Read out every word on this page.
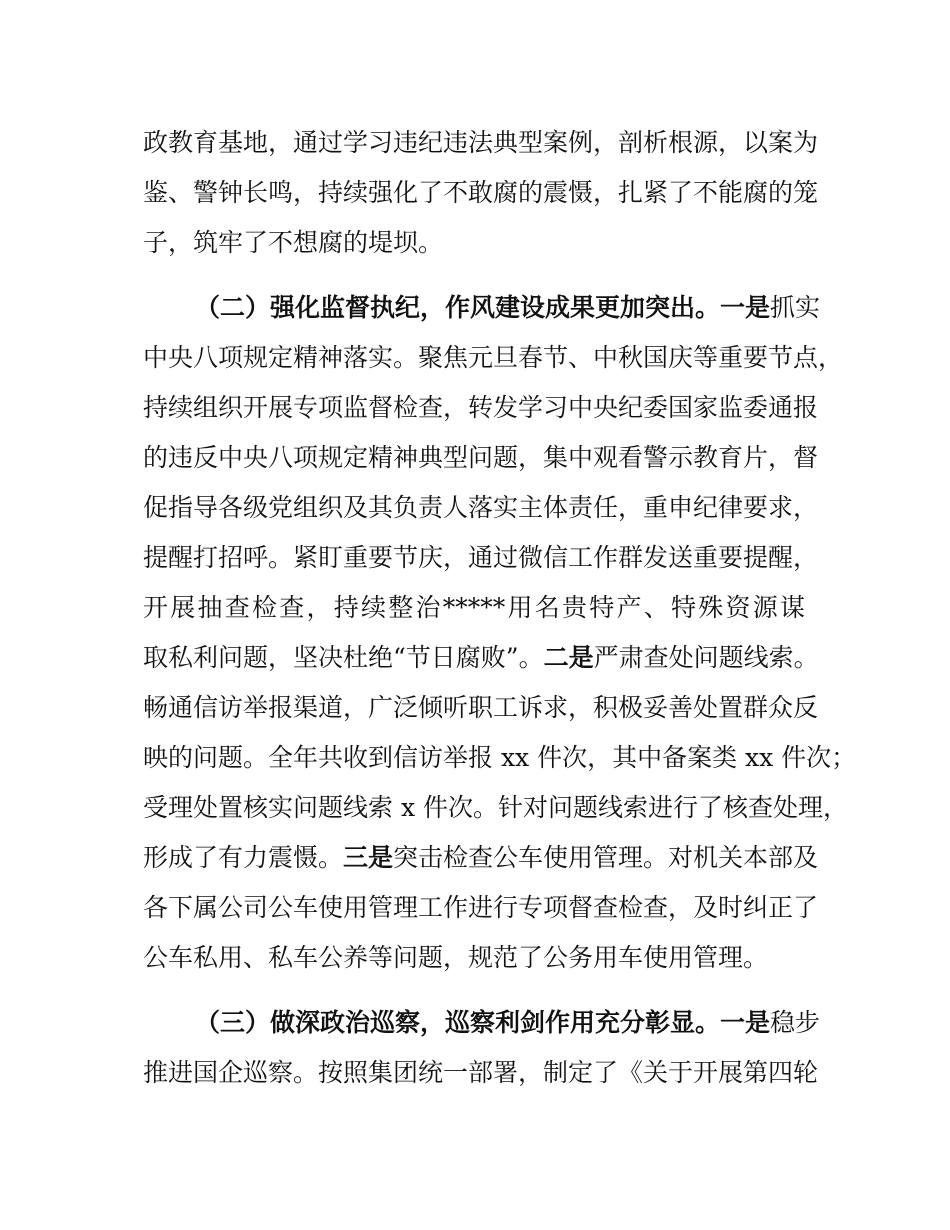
政教育基地，通过学习违纪违法典型案例，剖析根源，以案为
鉴、警钟长鸣，持续强化了不敢腐的震慑，扎紧了不能腐的笼
子，筑牢了不想腐的堤坝。
（二）强化监督执纪，作风建设成果更加突出。一是抓实
中央八项规定精神落实。聚焦元旦春节、中秋国庆等重要节点，
持续组织开展专项监督检查，转发学习中央纪委国家监委通报
的违反中央八项规定精神典型问题，集中观看警示教育片，督
促指导各级党组织及其负责人落实主体责任，重申纪律要求，
提醒打招呼。紧盯重要节庆，通过微信工作群发送重要提醒，
开展抽查检查，持续整治*****用名贵特产、特殊资源谋
取私利问题，坚决杜绝“节日腐败”。二是严肃查处问题线索。
畅通信访举报渠道，广泛倾听职工诉求，积极妥善处置群众反
映的问题。全年共收到信访举报 xx 件次，其中备案类 xx 件次；
受理处置核实问题线索 x 件次。针对问题线索进行了核查处理，
形成了有力震慑。三是突击检查公车使用管理。对机关本部及
各下属公司公车使用管理工作进行专项督查检查，及时纠正了
公车私用、私车公养等问题，规范了公务用车使用管理。
（三）做深政治巡察，巡察利剑作用充分彰显。一是稳步
推进国企巡察。按照集团统一部署，制定了《关于开展第四轮
